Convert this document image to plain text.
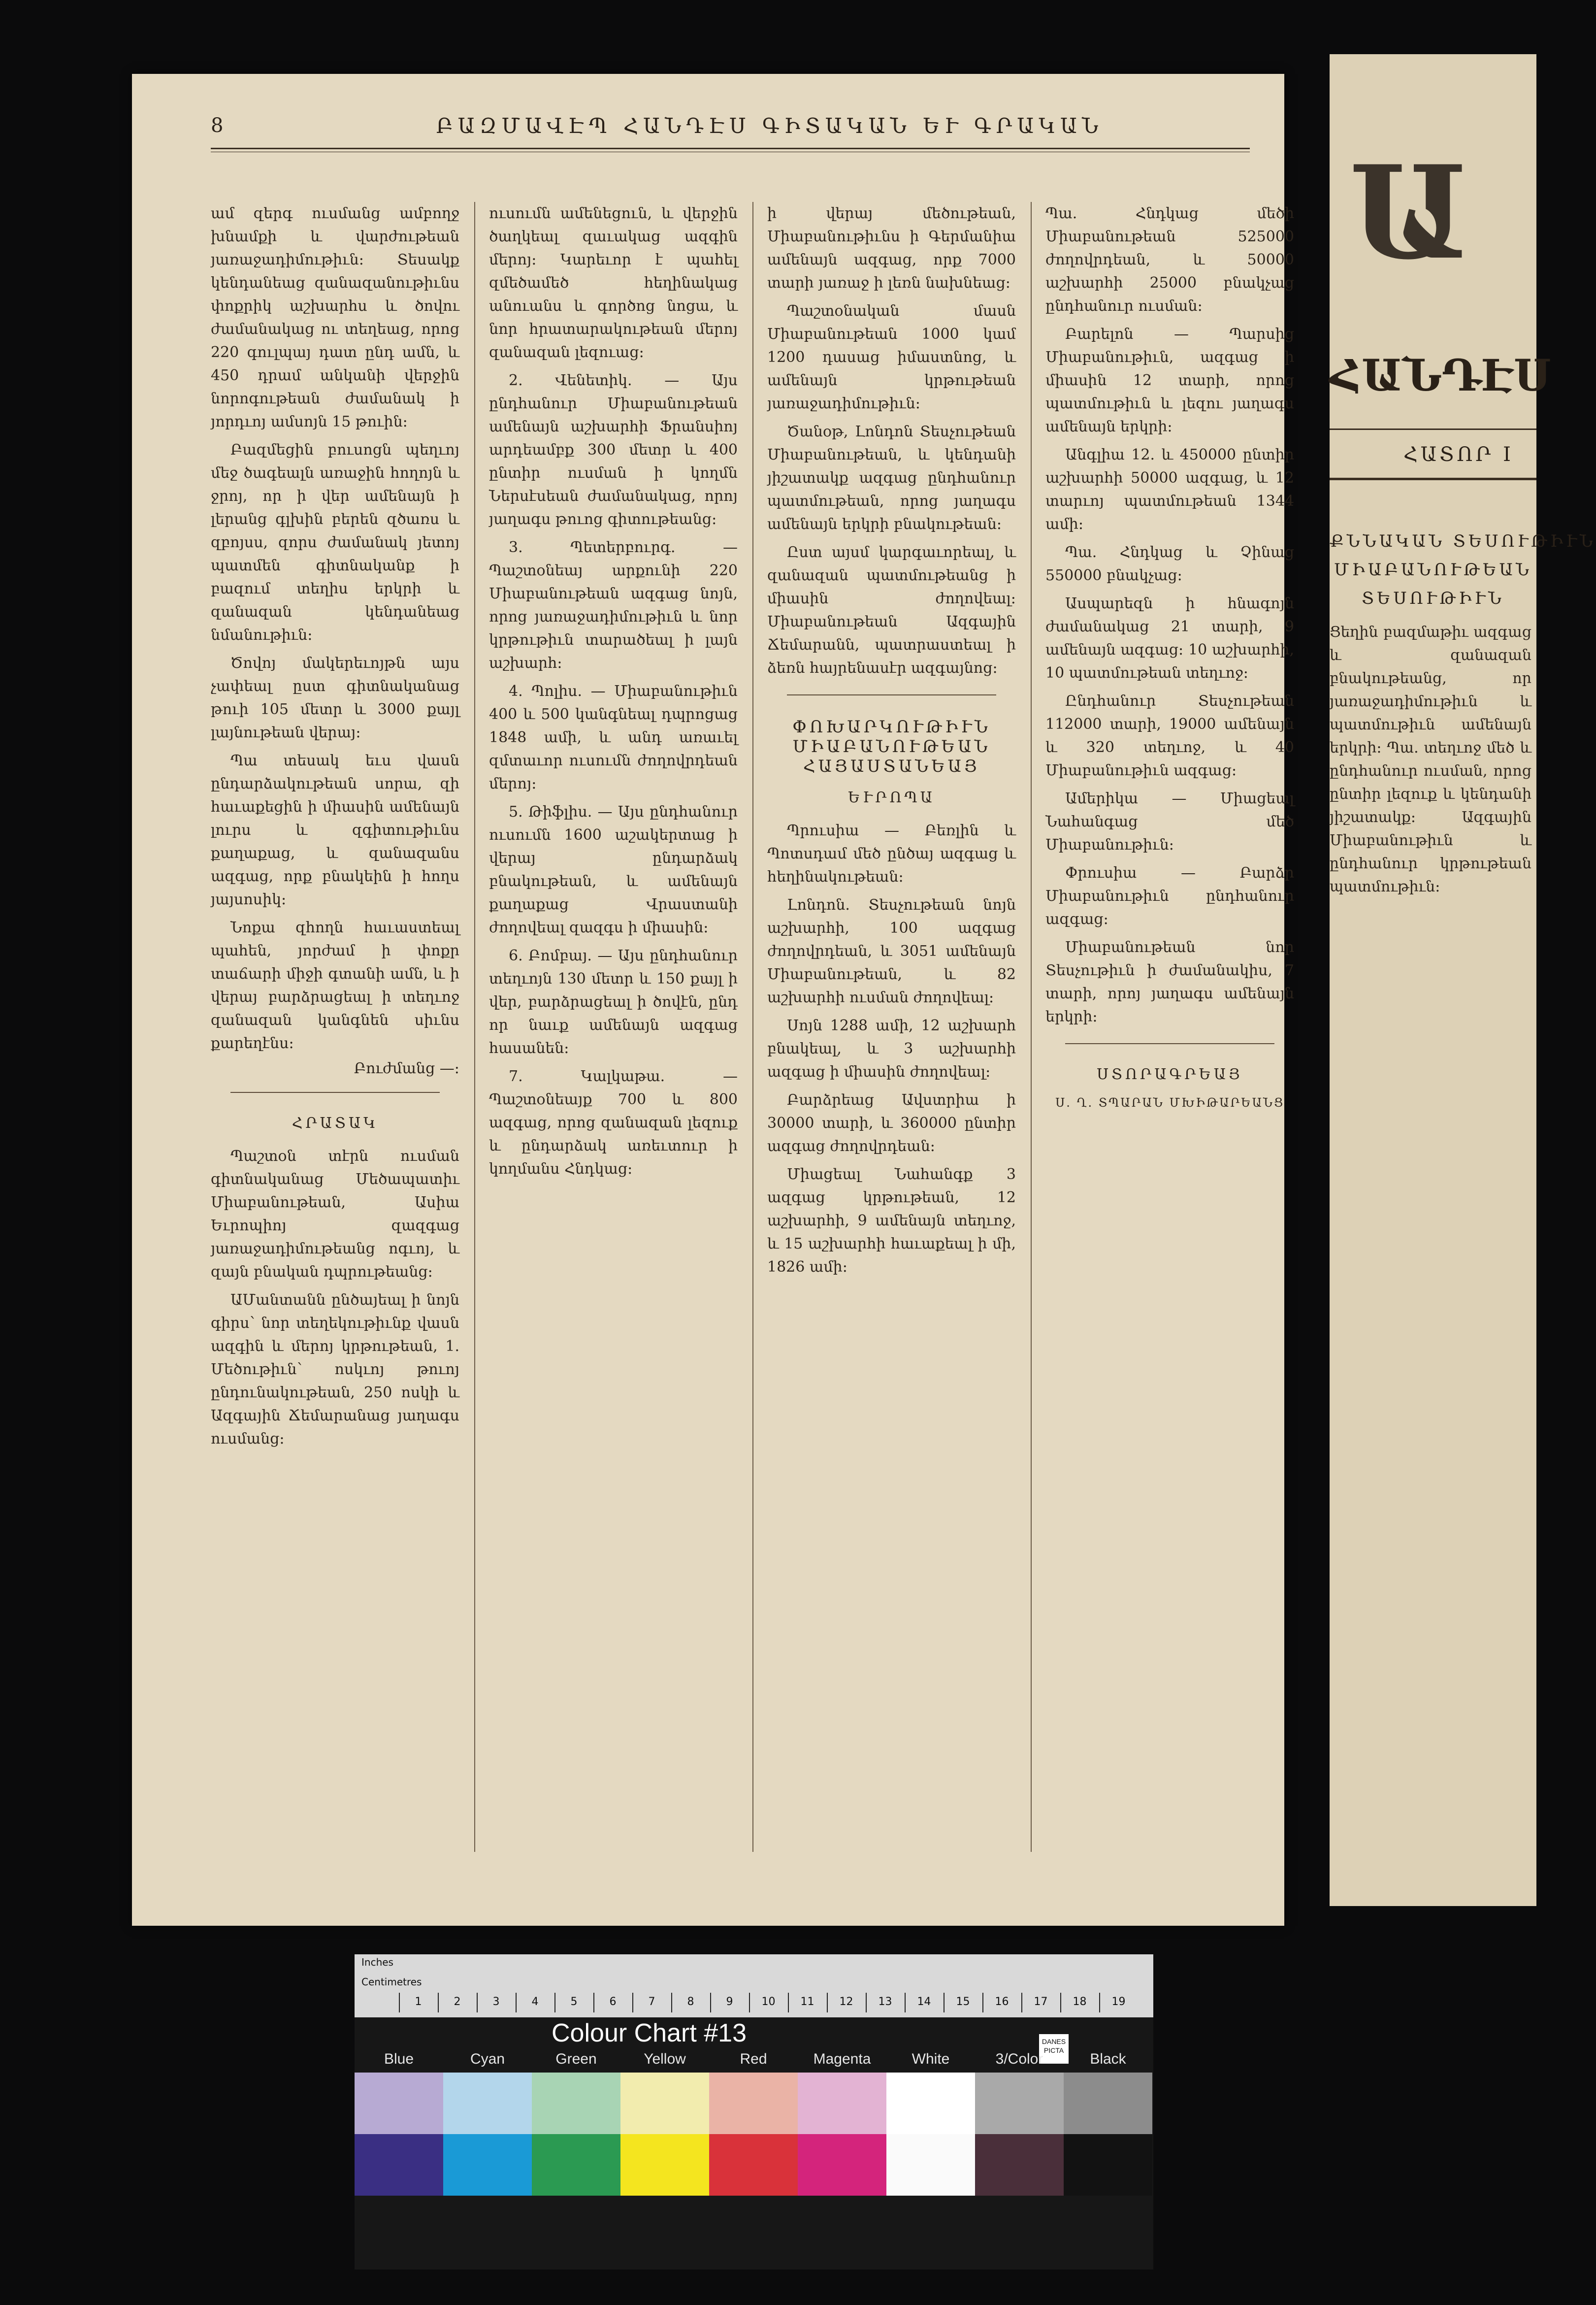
8	ԲԱԶՄԱՎԷՊ ՀԱՆԴԷՍ ԳԻՏԱԿԱՆ ԵՒ ԳՐԱԿԱՆ

ամ զերգ ուսմանց ամբողջ խնամքի և վարժութեան յառաջադիմութիւն։ Տեսակք կենդանեաց զանազանութիւնս փոքրիկ աշխարհս և ծովու ժամանակաց ու տեղեաց, որոց 220 գուլպայ դատ ընդ ամն, և 450 դրամ անկանի վերջին նորոգութեան ժամանակ ի յորդւոյ ամսոյն 15 թուին։

Բազմեցին բուսոցն պեղւոյ մեջ ծագեալն առաջին հողոյն և ջրոյ, որ ի վեր ամենայն ի լերանց գլխին բերեն զծառս և զբոյսս, զորս ժամանակ յետոյ պատմեն գիտնականք ի բազում տեղիս երկրի և զանազան կենդանեաց նմանութիւն։

Ծովոյ մակերեւոյթն այս չափեալ ըստ գիտնականաց թուի 105 մետր և 3000 քայլ լայնութեան վերայ։

Պա տեսակ եւս վասն ընդարձակութեան սորա, զի հաւաքեցին ի միասին ամենայն լուրս և զգիտութիւնս քաղաքաց, և զանազանս ազգաց, որք բնակեին ի հողս յայսոսիկ։

Նոքա զհողն հաւաստեալ պահեն, յորժամ ի փոքր տաճարի միջի գտանի ամն, և ի վերայ բարձրացեալ ի տեղւոջ զանազան կանգնեն սիւնս քարեղէնս։

Բուժմանց —։
ՀՐԱՏԱԿ

Պաշտօն տէրն ուսման գիտնականաց Մեծապատիւ Միաբանութեան, Ասիա Եւրոպիոյ զազգաց յառաջադիմութեանց ոգւոյ, և զայն բնական դպրութեանց։

ԱՄանտանն ընծայեալ ի նոյն գիրս՝ նոր տեղեկութիւնք վասն ազգին և մերոյ կրթութեան, 1. Մեծութիւն՝ ոսկւոյ թուոյ ընդունակութեան, 250 ոսկի և Ազգային Ճեմարանաց յաղագս ուսմանց։

ուսումն ամենեցուն, և վերջին ծաղկեալ զաւակաց ազգին մերոյ։ Կարեւոր է պահել զմեծամեծ հեղինակաց անուանս և գործոց նոցա, և նոր հրատարակութեան մերոյ զանազան լեզուաց։

2. Վենետիկ. — Այս ընդհանուր Միաբանութեան ամենայն աշխարհի Ֆրանսիոյ արդեամբք 300 մետր և 400 ընտիր ուսման ի կողմն Ներսէսեան ժամանակաց, որոյ յաղագս թուոց գիտութեանց։

3. Պետերբուրգ. — Պաշտօնեայ արքունի 220 Միաբանութեան ազգաց նոյն, որոց յառաջադիմութիւն և նոր կրթութիւն տարածեալ ի լայն աշխարհ։

4. Պոլիս. — Միաբանութիւն 400 և 500 կանգնեալ դպրոցաց 1848 ամի, և անդ առաւել զմտաւոր ուսումն ժողովրդեան մերոյ։

5. Թիֆլիս. — Այս ընդհանուր ուսումն 1600 աշակերտաց ի վերայ ընդարձակ բնակութեան, և ամենայն քաղաքաց Վրաստանի ժողովեալ զազգս ի միասին։

6. Բոմբայ. — Այս ընդհանուր տեղւոյն 130 մետր և 150 քայլ ի վեր, բարձրացեալ ի ծովէն, ընդ որ նաւք ամենայն ազգաց հասանեն։

7. Կալկաթա. — Պաշտօնեայք 700 և 800 ազգաց, որոց զանազան լեզուք և ընդարձակ առեւտուր ի կողմանս Հնդկաց։

ի վերայ մեծութեան, Միաբանութիւնս ի Գերմանիա ամենայն ազգաց, որք 7000 տարի յառաջ ի լեռն նախնեաց։

Պաշտօնական մասն Միաբանութեան 1000 կամ 1200 դասաց իմաստնոց, և ամենայն կրթութեան յառաջադիմութիւն։

Ծանօթ, Լոնդոն Տեսչութեան Միաբանութեան, և կենդանի յիշատակք ազգաց ընդհանուր պատմութեան, որոց յաղագս ամենայն երկրի բնակութեան։

Ըստ այսմ կարգաւորեալ, և զանազան պատմութեանց ի միասին ժողովեալ։ Միաբանութեան Ազգային Ճեմարանն, պատրաստեալ ի ձեռն հայրենասէր ազգայնոց։

ՓՈԽԱՐԿՈՒԹԻՒՆ ՄԻԱԲԱՆՈՒԹԵԱՆ ՀԱՅԱՍՏԱՆԵԱՅ
ԵՒՐՈՊԱ

Պրուսիա — Բեռլին և Պոտսդամ մեծ ընծայ ազգաց և հեղինակութեան։

Լոնդոն. Տեսչութեան նոյն աշխարհի, 100 ազգաց ժողովրդեան, և 3051 ամենայն Միաբանութեան, և 82 աշխարհի ուսման ժողովեալ։

Սոյն 1288 ամի, 12 աշխարհ բնակեալ, և 3 աշխարհի ազգաց ի միասին ժողովեալ։

Բարձրեաց Ավստրիա ի 30000 տարի, և 360000 ընտիր ազգաց ժողովրդեան։

Միացեալ Նահանգք 3 ազգաց կրթութեան, 12 աշխարհի, 9 ամենայն տեղւոջ, և 15 աշխարհի հաւաքեալ ի մի, 1826 ամի։

Պա. Հնդկաց մեծի Միաբանութեան 525000 ժողովրդեան, և 50000 աշխարհի 25000 բնակչաց ընդհանուր ուսման։

Բարելոն — Պարսից Միաբանութիւն, ազգաց ի միասին 12 տարի, որոց պատմութիւն և լեզու յաղագս ամենայն երկրի։

Անգլիա 12. և 450000 ընտիր աշխարհի 50000 ազգաց, և 12 տարւոյ պատմութեան 1344 ամի։

Պա. Հնդկաց և Չինաց 550000 բնակչաց։

Ասպարեզն ի հնագոյն ժամանակաց 21 տարի, 9 ամենայն ազգաց։ 10 աշխարհի, 10 պատմութեան տեղւոջ։

Ընդհանուր Տեսչութեան 112000 տարի, 19000 ամենայն և 320 տեղւոջ, և 40 Միաբանութիւն ազգաց։

Ամերիկա — Միացեալ Նահանգաց մեծ Միաբանութիւն։

Փրուսիա — Բարձր Միաբանութիւն ընդհանուր ազգաց։

Միաբանութեան նոր Տեսչութիւն ի ժամանակիս, 7 տարի, որոյ յաղագս ամենայն երկրի։

ՍՏՈՐԱԳՐԵԱՅ
Ս. Ղ. ՏՊԱՐԱՆ ՄԽԻԹԱՐԵԱՆՑ
Ա
ՀԱՆԴԷՍ
ՀԱՏՈՐ I
ՔՆՆԱԿԱՆ ՏԵՍՈՒԹԻՒՆ
ՄԻԱԲԱՆՈՒԹԵԱՆ
ՏԵՍՈՒԹԻՒՆ
Ցեղին բազմաթիւ ազգաց և զանազան բնակութեանց, որ յառաջադիմութիւն և պատմութիւն ամենայն երկրի։ Պա. տեղւոջ մեծ և ընդհանուր ուսման, որոց ընտիր լեզուք և կենդանի յիշատակք։ Ազգային Միաբանութիւն և ընդհանուր կրթութեան պատմութիւն։
Inches
Centimetres
1	2	3	4	5	6	7	8	9	10 11 12 13 14 15 16 17 18 19
Colour Chart #13	DANES PICTA
Blue	Cyan	Green	Yellow	Red	Magenta	White	3/Color	Black
